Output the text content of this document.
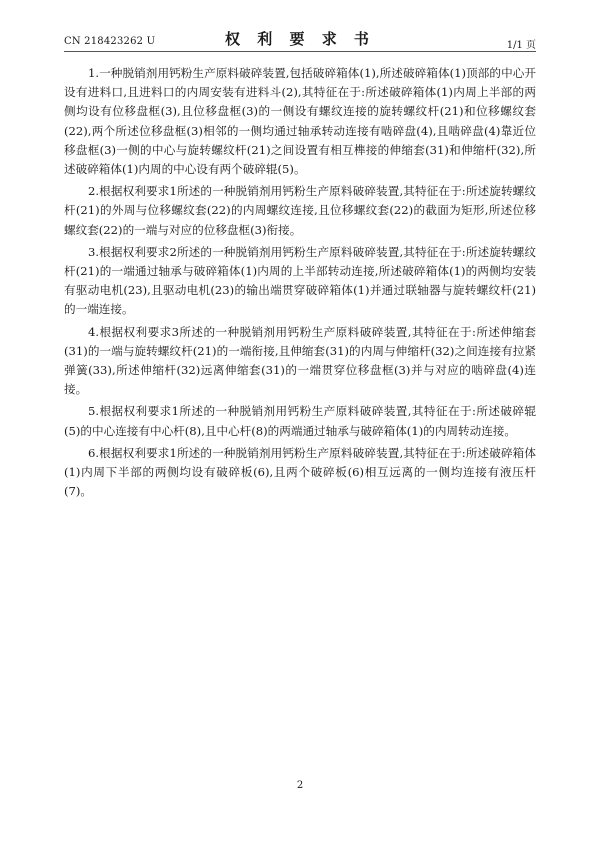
CN 218423262 U	权 利 要 求 书	1/1 页

1.一种脱销剂用钙粉生产原料破碎装置,包括破碎箱体(1),所述破碎箱体(1)顶部的中心开设有进料口,且进料口的内周安装有进料斗(2),其特征在于:所述破碎箱体(1)内周上半部的两侧均设有位移盘框(3),且位移盘框(3)的一侧设有螺纹连接的旋转螺纹杆(21)和位移螺纹套(22),两个所述位移盘框(3)相邻的一侧均通过轴承转动连接有啮碎盘(4),且啮碎盘(4)靠近位移盘框(3)一侧的中心与旋转螺纹杆(21)之间设置有相互榫接的伸缩套(31)和伸缩杆(32),所述破碎箱体(1)内周的中心设有两个破碎辊(5)。

2.根据权利要求1所述的一种脱销剂用钙粉生产原料破碎装置,其特征在于:所述旋转螺纹杆(21)的外周与位移螺纹套(22)的内周螺纹连接,且位移螺纹套(22)的截面为矩形,所述位移螺纹套(22)的一端与对应的位移盘框(3)衔接。

3.根据权利要求2所述的一种脱销剂用钙粉生产原料破碎装置,其特征在于:所述旋转螺纹杆(21)的一端通过轴承与破碎箱体(1)内周的上半部转动连接,所述破碎箱体(1)的两侧均安装有驱动电机(23),且驱动电机(23)的输出端贯穿破碎箱体(1)并通过联轴器与旋转螺纹杆(21)的一端连接。

4.根据权利要求3所述的一种脱销剂用钙粉生产原料破碎装置,其特征在于:所述伸缩套(31)的一端与旋转螺纹杆(21)的一端衔接,且伸缩套(31)的内周与伸缩杆(32)之间连接有拉紧弹簧(33),所述伸缩杆(32)远离伸缩套(31)的一端贯穿位移盘框(3)并与对应的啮碎盘(4)连接。

5.根据权利要求1所述的一种脱销剂用钙粉生产原料破碎装置,其特征在于:所述破碎辊(5)的中心连接有中心杆(8),且中心杆(8)的两端通过轴承与破碎箱体(1)的内周转动连接。

6.根据权利要求1所述的一种脱销剂用钙粉生产原料破碎装置,其特征在于:所述破碎箱体(1)内周下半部的两侧均设有破碎板(6),且两个破碎板(6)相互远离的一侧均连接有液压杆(7)。

2
